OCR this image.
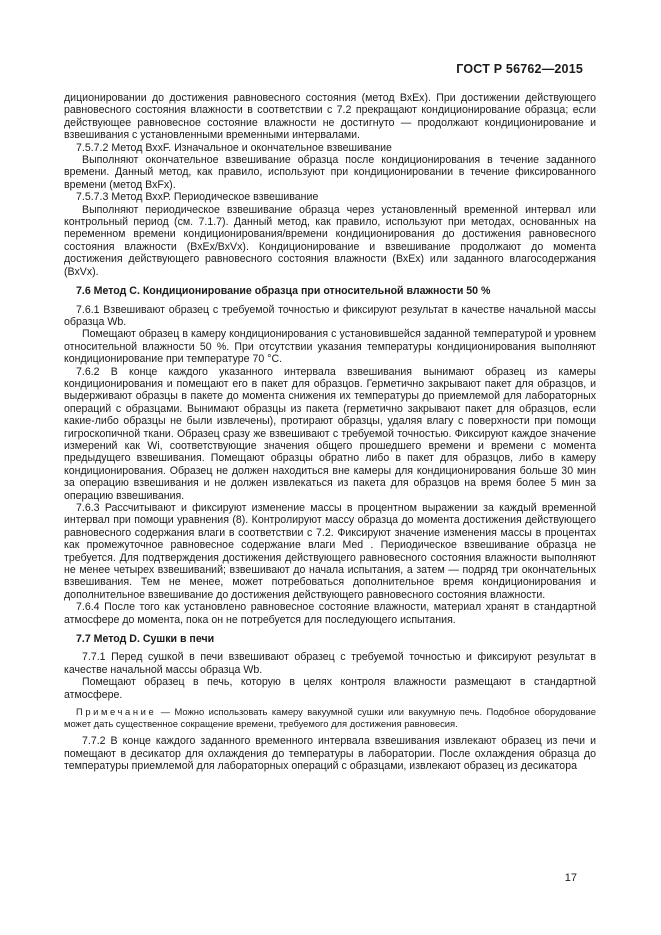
ГОСТ Р 56762—2015

диционировании до достижения равновесного состояния (метод ВхЕх). При достижении действующего равновесного состояния влажности в соответствии с 7.2 прекращают кондиционирование образца; если действующее равновесное состояние влажности не достигнуто — продолжают кондиционирование и взвешивания с установленными временными интервалами.

7.5.7.2 Метод ВхxF. Изначальное и окончательное взвешивание

Выполняют окончательное взвешивание образца после кондиционирования в течение заданного времени. Данный метод, как правило, используют при кондиционировании в течение фиксированного времени (метод ВхFx).

7.5.7.3 Метод ВхxР. Периодическое взвешивание

Выполняют периодическое взвешивание образца через установленный временной интервал или контрольный период (см. 7.1.7). Данный метод, как правило, используют при методах, основанных на переменном времени кондиционирования/времени кондиционирования до достижения равновесного состояния влажности (ВхЕх/ВхVх). Кондиционирование и взвешивание продолжают до момента достижения действующего равновесного состояния влажности (ВхЕх) или заданного влагосодержания (ВхVх).

7.6 Метод С. Кондиционирование образца при относительной влажности 50 %

7.6.1 Взвешивают образец с требуемой точностью и фиксируют результат в качестве начальной массы образца Wb.

Помещают образец в камеру кондиционирования с установившейся заданной температурой и уровнем относительной влажности 50 %. При отсутствии указания температуры кондиционирования выполняют кондиционирование при температуре 70 °С.

7.6.2 В конце каждого указанного интервала взвешивания вынимают образец из камеры кондиционирования и помещают его в пакет для образцов. Герметично закрывают пакет для образцов, и выдерживают образцы в пакете до момента снижения их температуры до приемлемой для лабораторных операций с образцами. Вынимают образцы из пакета (герметично закрывают пакет для образцов, если какие-либо образцы не были извлечены), протирают образцы, удаляя влагу с поверхности при помощи гигроскопичной ткани. Образец сразу же взвешивают с требуемой точностью. Фиксируют каждое значение измерений как Wi, соответствующие значения общего прошедшего времени и времени с момента предыдущего взвешивания. Помещают образцы обратно либо в пакет для образцов, либо в камеру кондиционирования. Образец не должен находиться вне камеры для кондиционирования больше 30 мин за операцию взвешивания и не должен извлекаться из пакета для образцов на время более 5 мин за операцию взвешивания.

7.6.3 Рассчитывают и фиксируют изменение массы в процентном выражении за каждый временной интервал при помощи уравнения (8). Контролируют массу образца до момента достижения действующего равновесного содержания влаги в соответствии с 7.2. Фиксируют значение изменения массы в процентах как промежуточное равновесное содержание влаги Med . Периодическое взвешивание образца не требуется. Для подтверждения достижения действующего равновесного состояния влажности выполняют не менее четырех взвешиваний; взвешивают до начала испытания, а затем — подряд три окончательных взвешивания. Тем не менее, может потребоваться дополнительное время кондиционирования и дополнительное взвешивание до достижения действующего равновесного состояния влажности.

7.6.4 После того как установлено равновесное состояние влажности, материал хранят в стандартной атмосфере до момента, пока он не потребуется для последующего испытания.

7.7 Метод D. Сушки в печи

7.7.1 Перед сушкой в печи взвешивают образец с требуемой точностью и фиксируют результат в качестве начальной массы образца Wb.

Помещают образец в печь, которую в целях контроля влажности размещают в стандартной атмосфере.

Примечание — Можно использовать камеру вакуумной сушки или вакуумную печь. Подобное оборудование может дать существенное сокращение времени, требуемого для достижения равновесия.

7.7.2 В конце каждого заданного временного интервала взвешивания извлекают образец из печи и помещают в десикатор для охлаждения до температуры в лаборатории. После охлаждения образца до температуры приемлемой для лабораторных операций с образцами, извлекают образец из десикатора

17
